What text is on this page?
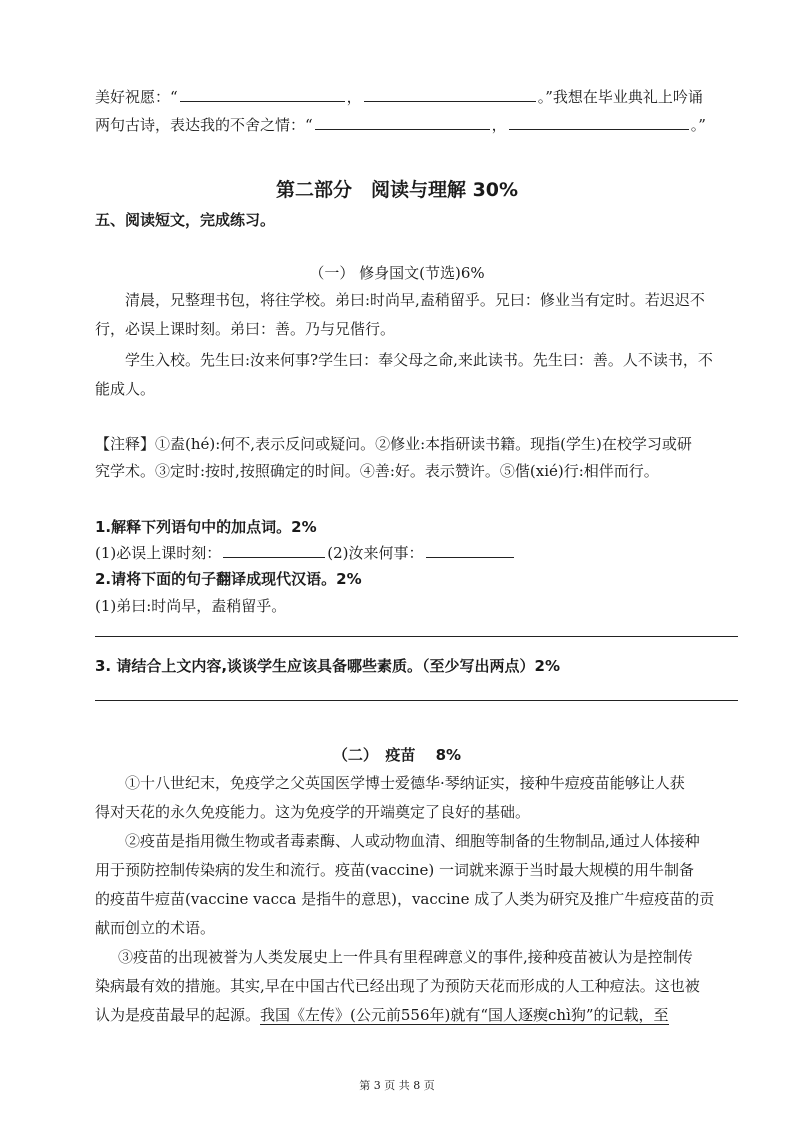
美好祝愿：“	，	。”我想在毕业典礼上吟诵
两句古诗，表达我的不舍之情：“	，	。”
第二部分　阅读与理解 30%
五、阅读短文，完成练习。
（一） 修身国文(节选)6%
清晨，兄整理书包，将往学校。弟曰:时尚早,盍稍留乎。兄曰：修业当有定时。若迟迟不
行，必误上课时刻。弟曰：善。乃与兄偕行。
学生入校。先生曰:汝来何事?学生曰：奉父母之命,来此读书。先生曰：善。人不读书，不
能成人。
【注释】①盍(hé):何不,表示反问或疑问。②修业:本指研读书籍。现指(学生)在校学习或研
究学术。③定时:按时,按照确定的时间。④善:好。表示赞许。⑤偕(xié)行:相伴而行。
1.解释下列语句中的加点词。2%
(1)必误上课时刻：	(2)汝来何事：
2.请将下面的句子翻译成现代汉语。2%
(1)弟曰:时尚早，盍稍留乎。
3. 请结合上文内容,谈谈学生应该具备哪些素质。（至少写出两点）2%
（二）　疫苗　 8%
①十八世纪末，免疫学之父英国医学博士爱德华·琴纳证实，接种牛痘疫苗能够让人获
得对天花的永久免疫能力。这为免疫学的开端奠定了良好的基础。
②疫苗是指用微生物或者毒素酶、人或动物血清、细胞等制备的生物制品,通过人体接种
用于预防控制传染病的发生和流行。疫苗(vaccine) 一词就来源于当时最大规模的用牛制备
的疫苗牛痘苗(vaccine vacca 是指牛的意思)，vaccine 成了人类为研究及推广牛痘疫苗的贡
献而创立的术语。
③疫苗的出现被誉为人类发展史上一件具有里程碑意义的事件,接种疫苗被认为是控制传
染病最有效的措施。其实,早在中国古代已经出现了为预防天花而形成的人工种痘法。这也被
认为是疫苗最早的起源。我国《左传》(公元前556年)就有“国人逐瘈chì狗”的记载，至
第 3 页 共 8 页
